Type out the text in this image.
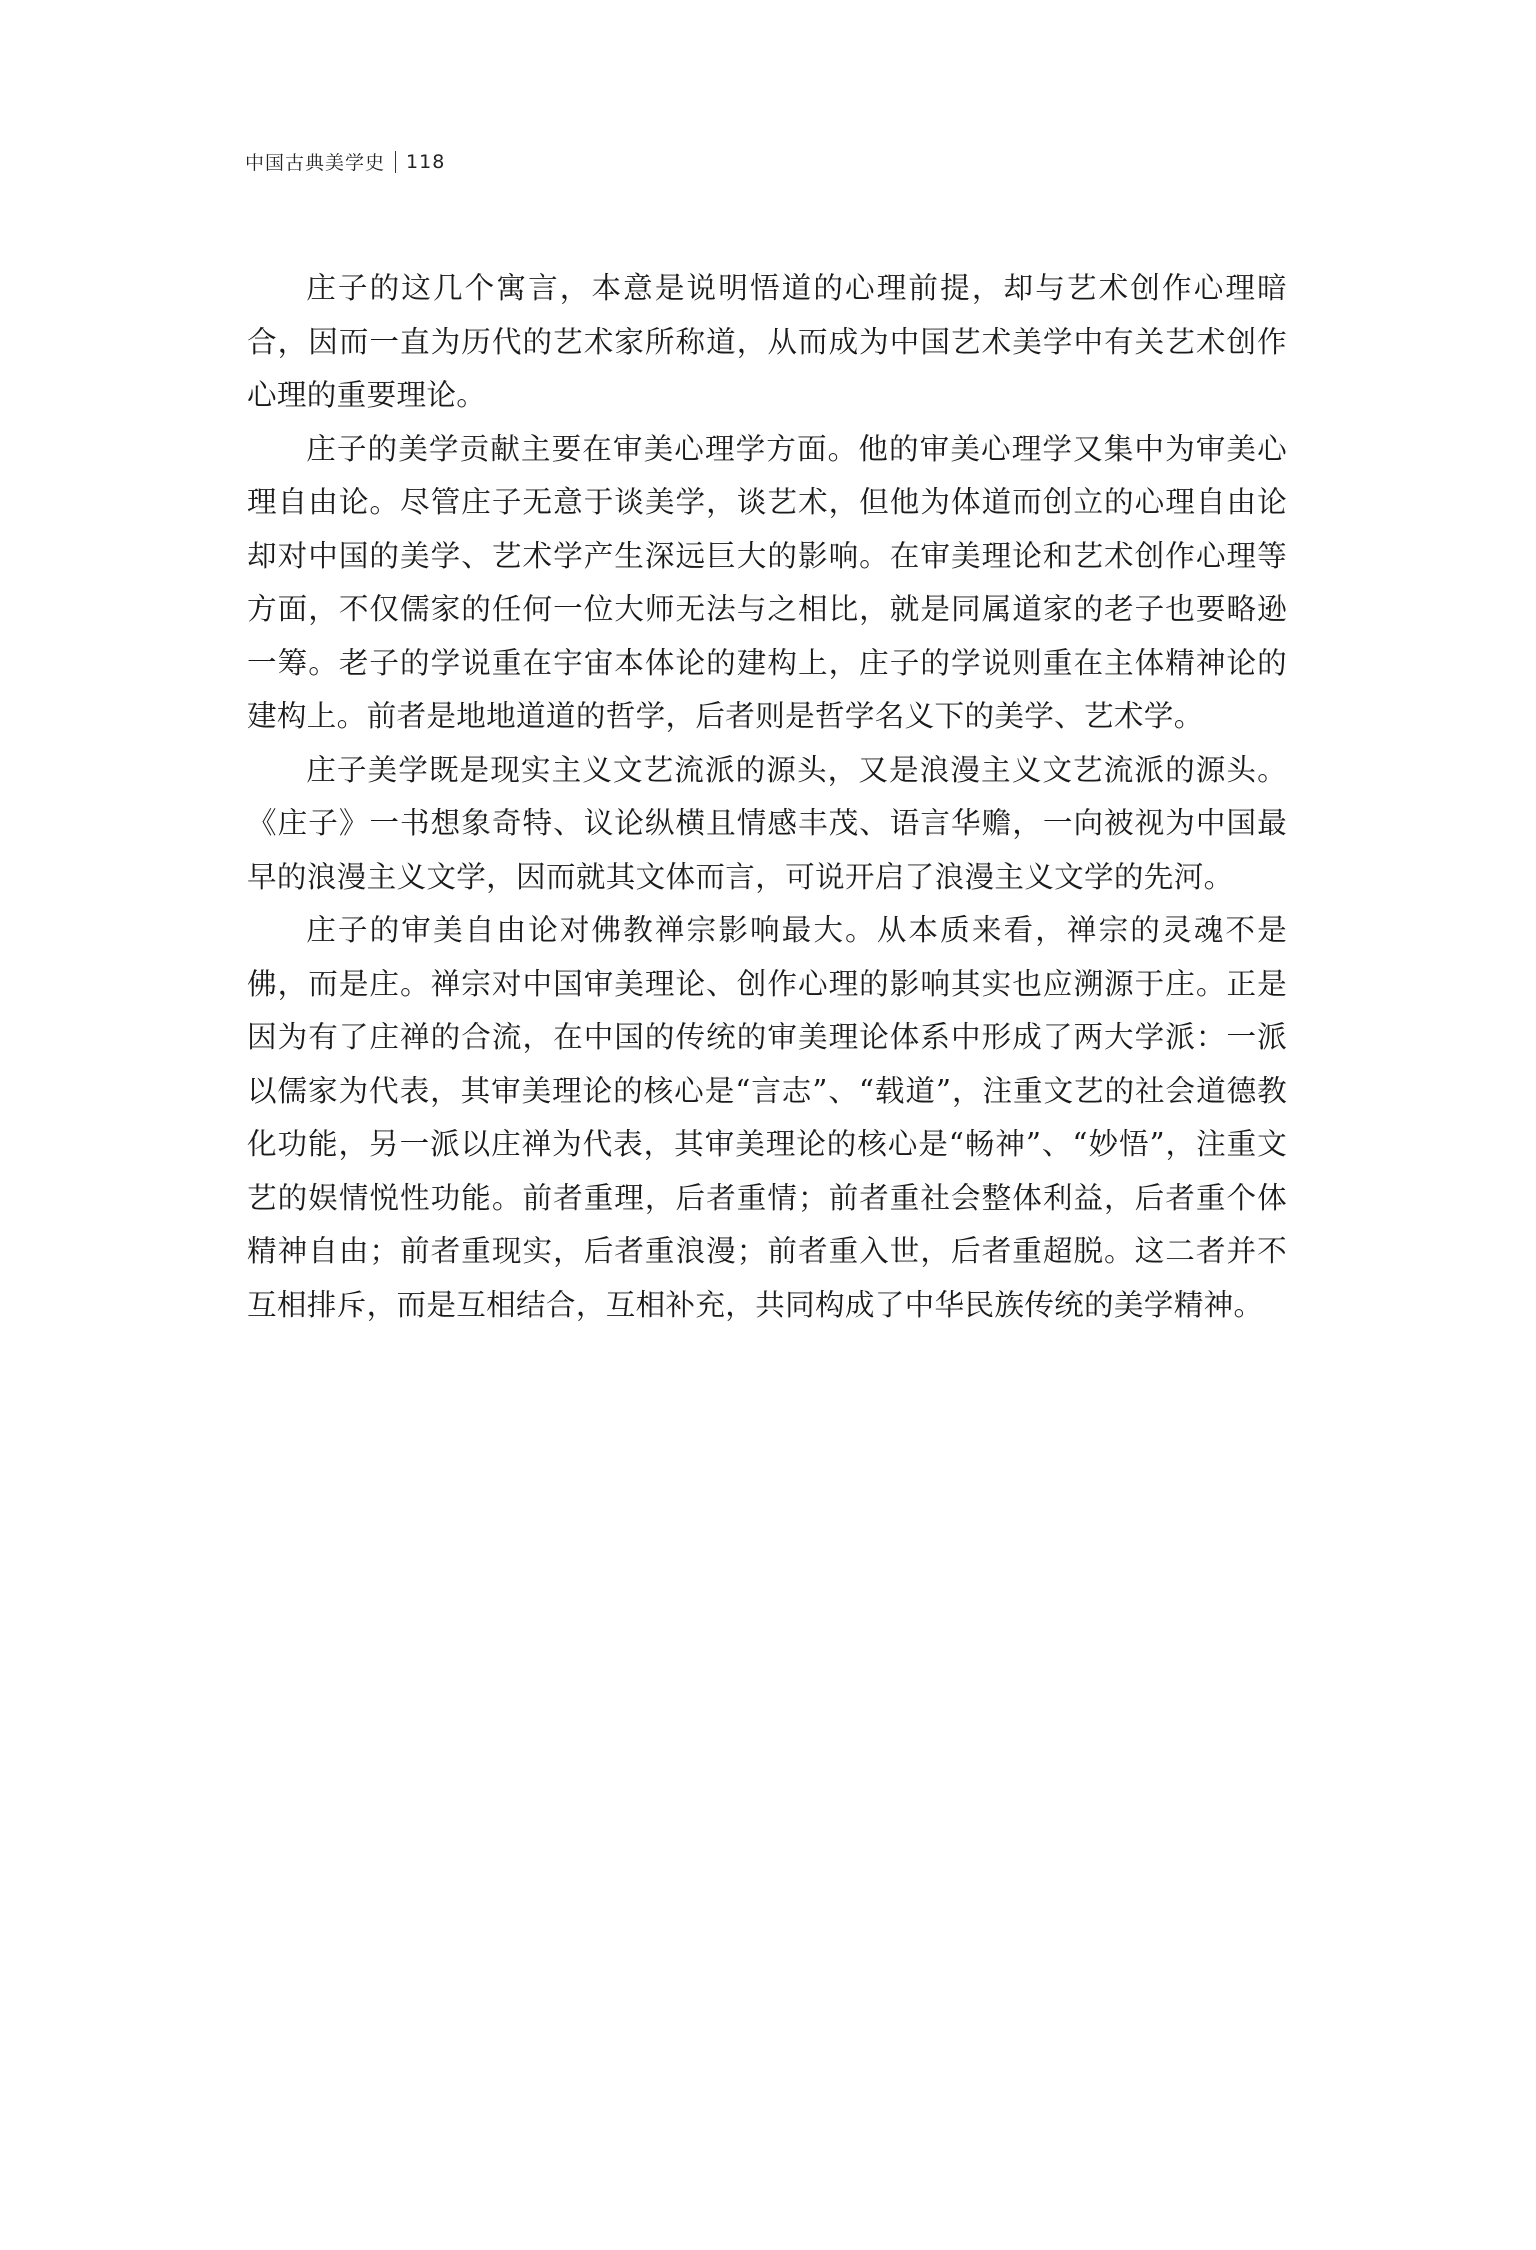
中国古典美学史 118

庄子的这几个寓言，本意是说明悟道的心理前提，却与艺术创作心理暗合，因而一直为历代的艺术家所称道，从而成为中国艺术美学中有关艺术创作心理的重要理论。

庄子的美学贡献主要在审美心理学方面。他的审美心理学又集中为审美心理自由论。尽管庄子无意于谈美学，谈艺术，但他为体道而创立的心理自由论却对中国的美学、艺术学产生深远巨大的影响。在审美理论和艺术创作心理等方面，不仅儒家的任何一位大师无法与之相比，就是同属道家的老子也要略逊一筹。老子的学说重在宇宙本体论的建构上，庄子的学说则重在主体精神论的建构上。前者是地地道道的哲学，后者则是哲学名义下的美学、艺术学。

庄子美学既是现实主义文艺流派的源头，又是浪漫主义文艺流派的源头。《庄子》一书想象奇特、议论纵横且情感丰茂、语言华赡，一向被视为中国最早的浪漫主义文学，因而就其文体而言，可说开启了浪漫主义文学的先河。

庄子的审美自由论对佛教禅宗影响最大。从本质来看，禅宗的灵魂不是佛，而是庄。禅宗对中国审美理论、创作心理的影响其实也应溯源于庄。正是因为有了庄禅的合流，在中国的传统的审美理论体系中形成了两大学派：一派以儒家为代表，其审美理论的核心是“言志”、“载道”，注重文艺的社会道德教化功能，另一派以庄禅为代表，其审美理论的核心是“畅神”、“妙悟”，注重文艺的娱情悦性功能。前者重理，后者重情；前者重社会整体利益，后者重个体精神自由；前者重现实，后者重浪漫；前者重入世，后者重超脱。这二者并不互相排斥，而是互相结合，互相补充，共同构成了中华民族传统的美学精神。
